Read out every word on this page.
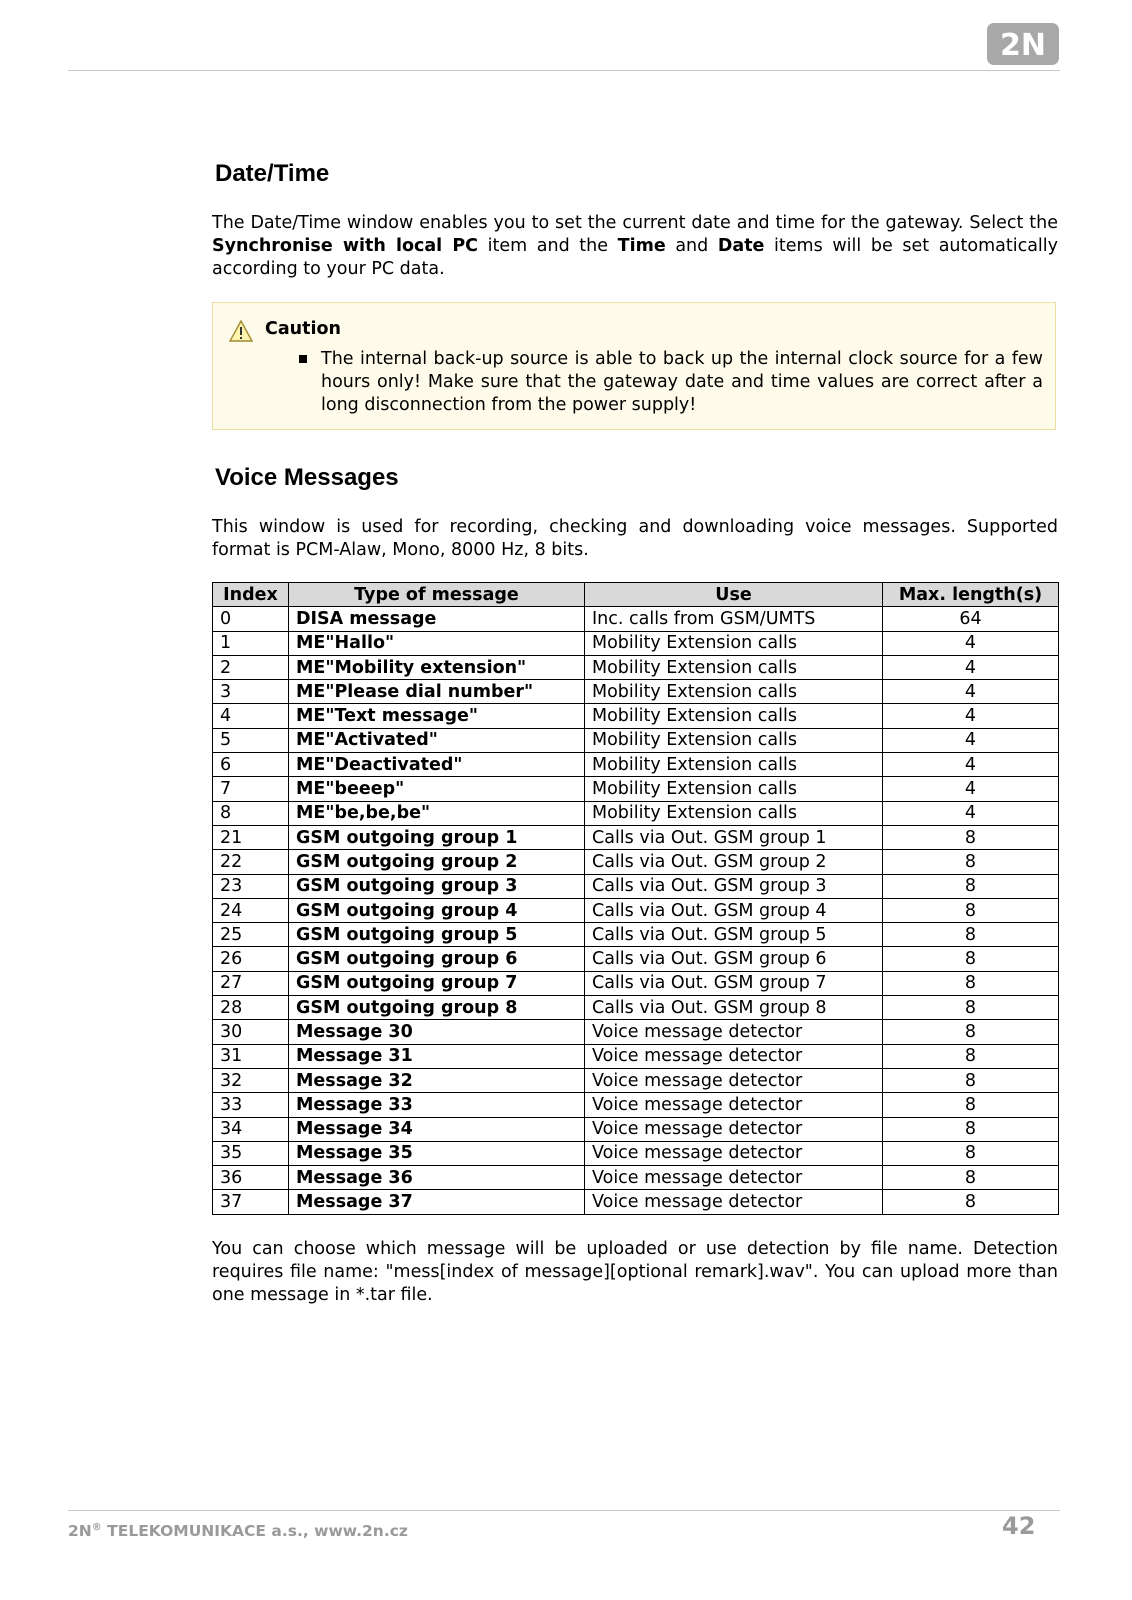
2N
Date/Time

The Date/Time window enables you to set the current date and time for the gateway. Select the Synchronise with local PC item and the Time and Date items will be set automatically according to your PC data.

Caution

The internal back-up source is able to back up the internal clock source for a few hours only! Make sure that the gateway date and time values are correct after a long disconnection from the power supply!

Voice Messages

This window is used for recording, checking and downloading voice messages. Supported format is PCM-Alaw, Mono, 8000 Hz, 8 bits.

Index	Type of message	Use	Max. length(s)
0	DISA message	Inc. calls from GSM/UMTS	64
1	ME"Hallo"	Mobility Extension calls	4
2	ME"Mobility extension"	Mobility Extension calls	4
3	ME"Please dial number"	Mobility Extension calls	4
4	ME"Text message"	Mobility Extension calls	4
5	ME"Activated"	Mobility Extension calls	4
6	ME"Deactivated"	Mobility Extension calls	4
7	ME"beeep"	Mobility Extension calls	4
8	ME"be,be,be"	Mobility Extension calls	4
21	GSM outgoing group 1	Calls via Out. GSM group 1	8
22	GSM outgoing group 2	Calls via Out. GSM group 2	8
23	GSM outgoing group 3	Calls via Out. GSM group 3	8
24	GSM outgoing group 4	Calls via Out. GSM group 4	8
25	GSM outgoing group 5	Calls via Out. GSM group 5	8
26	GSM outgoing group 6	Calls via Out. GSM group 6	8
27	GSM outgoing group 7	Calls via Out. GSM group 7	8
28	GSM outgoing group 8	Calls via Out. GSM group 8	8
30	Message 30	Voice message detector	8
31	Message 31	Voice message detector	8
32	Message 32	Voice message detector	8
33	Message 33	Voice message detector	8
34	Message 34	Voice message detector	8
35	Message 35	Voice message detector	8
36	Message 36	Voice message detector	8
37	Message 37	Voice message detector	8

You can choose which message will be uploaded or use detection by file name. Detection requires file name: "mess[index of message][optional remark].wav". You can upload more than one message in *.tar file.

2N® TELEKOMUNIKACE a.s., www.2n.cz	42
